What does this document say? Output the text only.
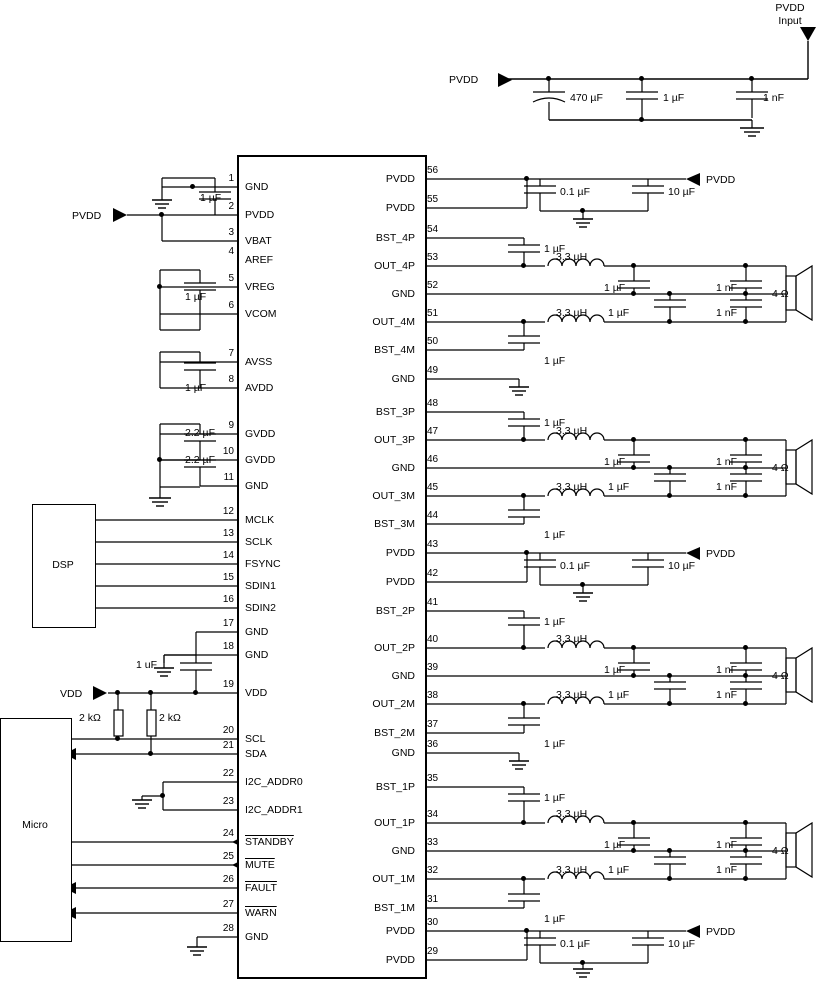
PVDD
Input
PVDD
PVDD
VDD
PVDD
PVDD
PVDD
470 µF	1 µF	1 nF
DSP
Micro
1 µF
1 µF
1 µF
2.2 µF
2.2 µF
1 uF
2 kΩ	2 kΩ
0.1 µF	10 µF
0.1 µF	10 µF
0.1 µF	10 µF
1 µF
3.3 µH
1 µF	1 nF
3.3 µH 1 µF	1 nF
1 µF
4 Ω
1 µF
3.3 µH
1 µF	1 nF
3.3 µH 1 µF	1 nF
1 µF
4 Ω
1 µF
3.3 µH
1 µF	1 nF
3.3 µH 1 µF	1 nF
1 µF
4 Ω
1 µF
3.3 µH
1 µF	1 nF
3.3 µH 1 µF	1 nF
1 µF
4 Ω
1
GND
2
PVDD
3
VBAT
4
AREF
5
VREG
6
VCOM
7
AVSS
8
AVDD
9
GVDD
10
GVDD
11
GND
12
MCLK
13
SCLK
14
FSYNC
15
SDIN1
16
SDIN2
17
GND
18
GND
19
VDD
20
SCL
21
SDA
22
I2C_ADDR0
23
I2C_ADDR1
24
STANDBY
25
MUTE
26
FAULT
27
WARN
28
GND
56
PVDD
55
PVDD
54
BST_4P
53
OUT_4P
52
GND
51
OUT_4M
50
BST_4M
49
GND
48
BST_3P
47
OUT_3P
46
GND
45
OUT_3M
44
BST_3M
43
PVDD
42
PVDD
41
BST_2P
40
OUT_2P
39
GND
38
OUT_2M
37
BST_2M
36
GND
35
BST_1P
34
OUT_1P
33
GND
32
OUT_1M
31
BST_1M
30
PVDD
29
PVDD
